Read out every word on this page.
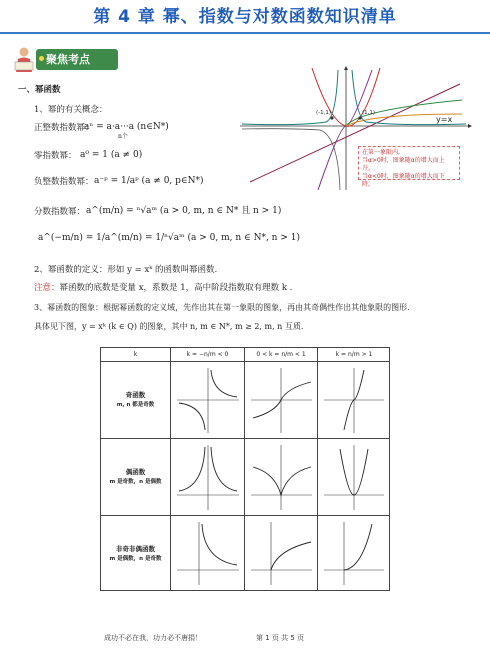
第 4 章 幂、指数与对数函数知识清单
聚焦考点
一、幂函数
1、幂的有关概念：
正整数指数幂：
aⁿ = a·a···a (n∈N*)
n个
零指数幂： a⁰ = 1 (a ≠ 0)
负整数指数幂： a⁻ᵖ = 1/aᵖ (a ≠ 0, p∈N*)
分数指数幂： a^(m/n) = ⁿ√aᵐ (a > 0, m, n ∈ N* 且 n > 1)
a^(−m/n) = 1/a^(m/n) = 1/ⁿ√aᵐ (a > 0, m, n ∈ N*, n > 1)
2、幂函数的定义：形如 y = xᵏ 的函数叫幂函数.
注意：幂函数的底数是变量 x，系数是 1，高中阶段指数取有理数 k .
3、幂函数的图象：根据幂函数的定义域，先作出其在第一象限的图象，再由其奇偶性作出其他象限的图形.
具体见下图，y = xᵏ (k ∈ Q) 的图象，其中 n, m ∈ N*, m ≥ 2, m, n 互质.
y=x
(1,1)
(-1,1)
在第一象限内,
当α>0时，图象随α的增大而上升。
当α<0时，图象随α的增大而下降。
k	k = −n/m < 0	0 < k = n/m < 1	k = n/m > 1
奇函数
m, n 都是奇数
偶函数
m 是奇数，n 是偶数
非奇非偶函数
m 是偶数，n 是奇数
成功不必在我，功力必不唐捐！	第 1 页 共 5 页
